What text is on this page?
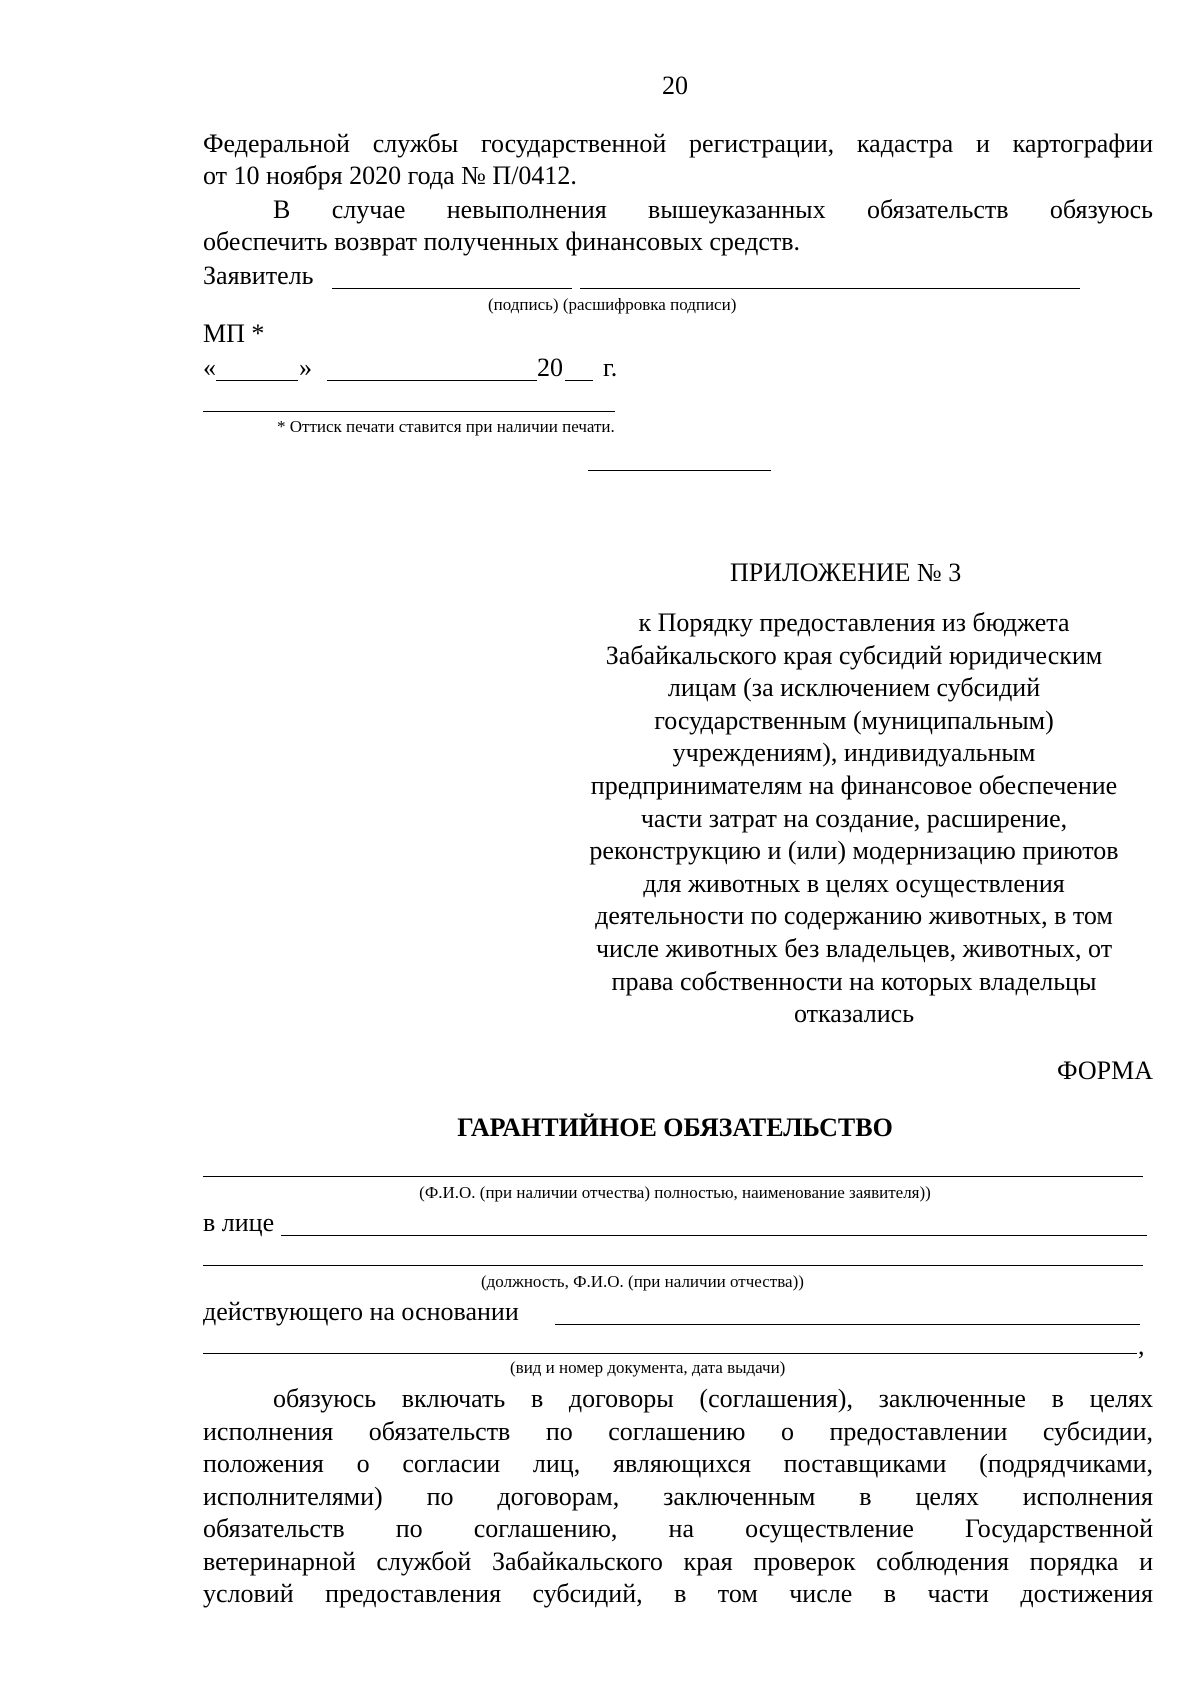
20
Федеральной службы государственной регистрации, кадастра и картографии
от 10 ноября 2020 года № П/0412.
В случае невыполнения вышеуказанных обязательств обязуюсь
обеспечить возврат полученных финансовых средств.
Заявитель
(подпись) (расшифровка подписи)
МП *
«	»	20 г.
* Оттиск печати ставится при наличии печати.
ПРИЛОЖЕНИЕ № 3
к Порядку предоставления из бюджета
Забайкальского края субсидий юридическим
лицам (за исключением субсидий
государственным (муниципальным)
учреждениям), индивидуальным
предпринимателям на финансовое обеспечение
части затрат на создание, расширение,
реконструкцию и (или) модернизацию приютов
для животных в целях осуществления
деятельности по содержанию животных, в том
числе животных без владельцев, животных, от
права собственности на которых владельцы
отказались
ФОРМА
ГАРАНТИЙНОЕ ОБЯЗАТЕЛЬСТВО
(Ф.И.О. (при наличии отчества) полностью, наименование заявителя))
в лице
(должность, Ф.И.О. (при наличии отчества))
действующего на основании
,
(вид и номер документа, дата выдачи)
обязуюсь включать в договоры (соглашения), заключенные в целях
исполнения обязательств по соглашению о предоставлении субсидии,
положения о согласии лиц, являющихся поставщиками (подрядчиками,
исполнителями) по договорам, заключенным в целях исполнения
обязательств по соглашению, на осуществление Государственной
ветеринарной службой Забайкальского края проверок соблюдения порядка и
условий предоставления субсидий, в том числе в части достижения
